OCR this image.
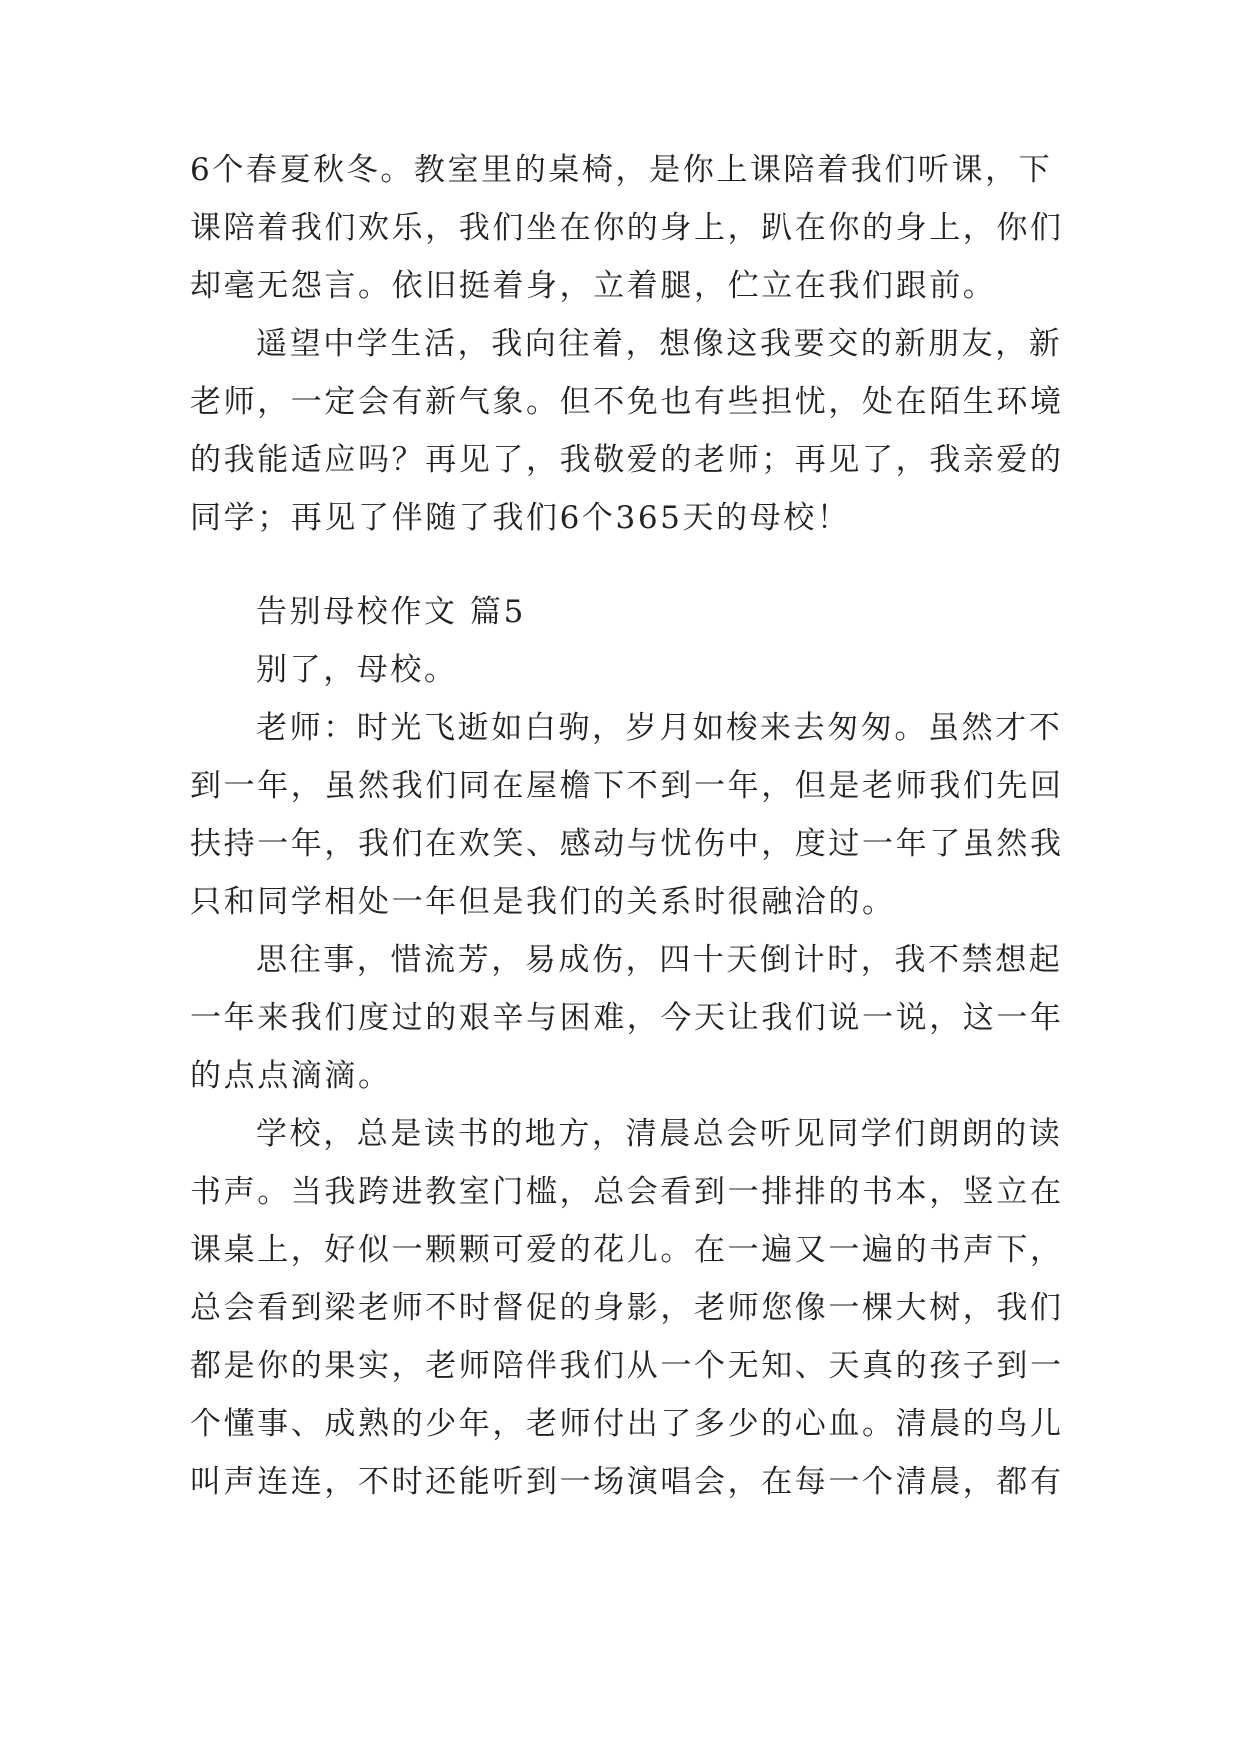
6个春夏秋冬。教室里的桌椅，是你上课陪着我们听课，下
课陪着我们欢乐，我们坐在你的身上，趴在你的身上，你们
却毫无怨言。依旧挺着身，立着腿，伫立在我们跟前。
遥望中学生活，我向往着，想像这我要交的新朋友，新
老师，一定会有新气象。但不免也有些担忧，处在陌生环境
的我能适应吗？再见了，我敬爱的老师；再见了，我亲爱的
同学；再见了伴随了我们6个365天的母校！
告别母校作文 篇5
别了，母校。
老师：时光飞逝如白驹，岁月如梭来去匆匆。虽然才不
到一年，虽然我们同在屋檐下不到一年，但是老师我们先回
扶持一年，我们在欢笑、感动与忧伤中，度过一年了虽然我
只和同学相处一年但是我们的关系时很融洽的。
思往事，惜流芳，易成伤，四十天倒计时，我不禁想起
一年来我们度过的艰辛与困难，今天让我们说一说，这一年
的点点滴滴。
学校，总是读书的地方，清晨总会听见同学们朗朗的读
书声。当我跨进教室门槛，总会看到一排排的书本，竖立在
课桌上，好似一颗颗可爱的花儿。在一遍又一遍的书声下，
总会看到梁老师不时督促的身影，老师您像一棵大树，我们
都是你的果实，老师陪伴我们从一个无知、天真的孩子到一
个懂事、成熟的少年，老师付出了多少的心血。清晨的鸟儿
叫声连连，不时还能听到一场演唱会，在每一个清晨，都有
